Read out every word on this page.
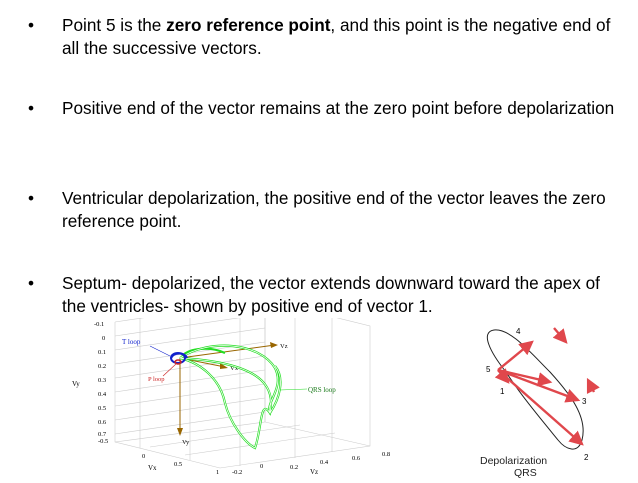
•	Point 5 is the zero reference point, and this point is the negative end of all the successive vectors.
•	Positive end of the vector remains at the zero point before depolarization
•	Ventricular depolarization, the positive end of the vector leaves the zero reference point.
•	Septum- depolarized, the vector extends downward toward the apex of the ventricles- shown by positive end of vector 1.
-0.1
0
0.1
0.2
0.3
0.4
0.5
0.6
0.7
-0.5
Vy
0
0.5
1
Vx
-0.2
0	0.2
0.4
0.6
0.8
Vz
Vy
Vx
Vz
T loop
P loop
QRS loop	1
2
3
4
5
Depolarization
QRS
